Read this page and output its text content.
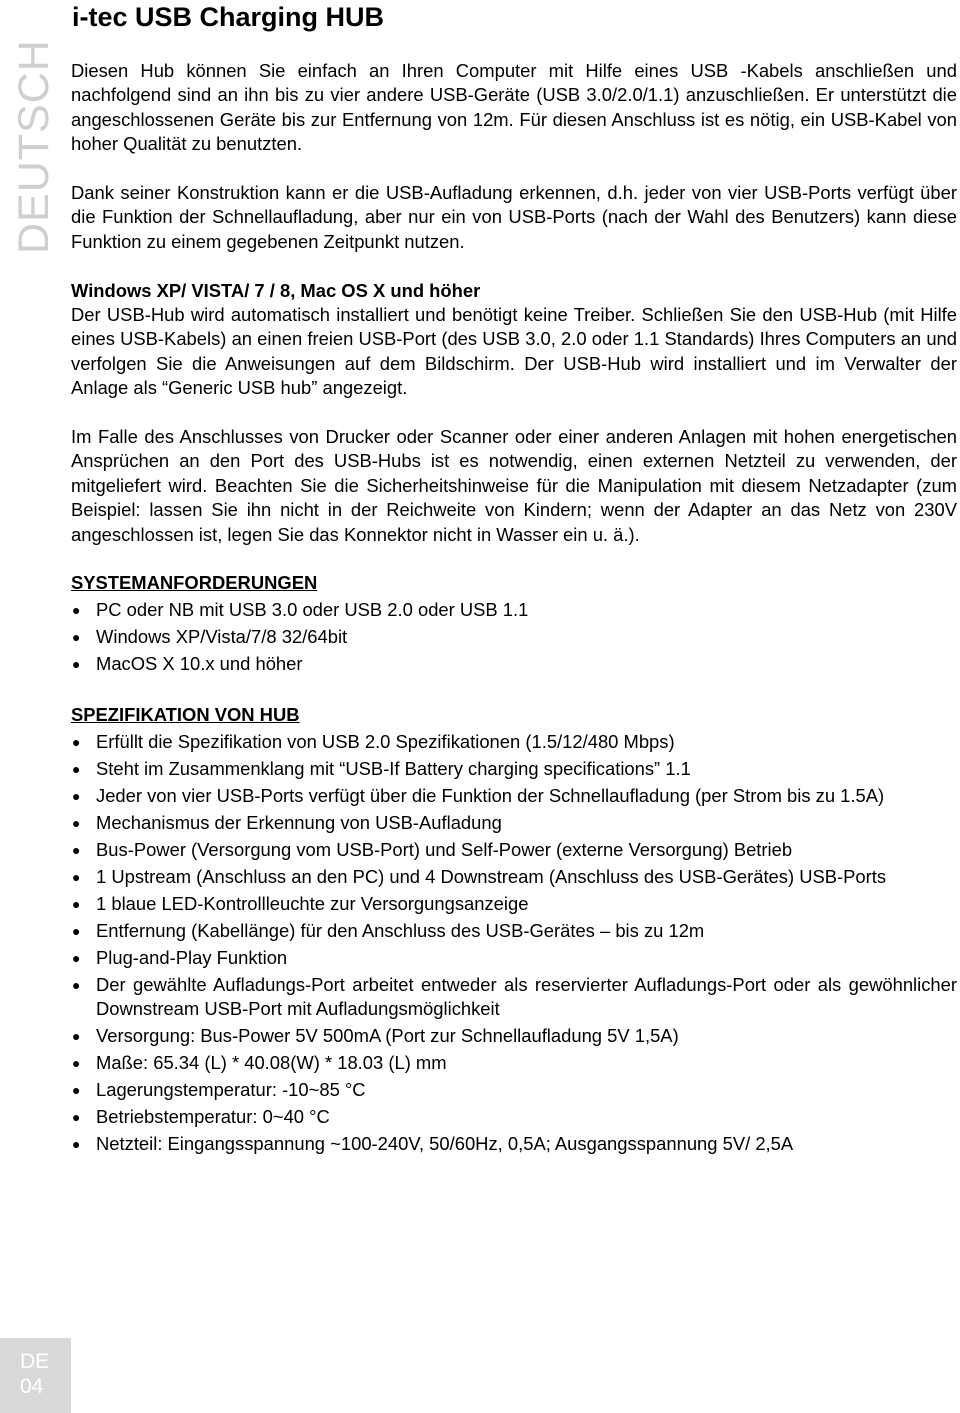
i-tec USB Charging HUB
DEUTSCH Diesen Hub können Sie einfach an Ihren Computer mit Hilfe eines USB -Kabels anschließen und nachfolgend sind an ihn bis zu vier andere USB-Geräte (USB 3.0/2.0/1.1) anzuschließen. Er unterstützt die angeschlossenen Geräte bis zur Entfernung von 12m. Für diesen Anschluss ist es nötig, ein USB-Kabel von hoher Qualität zu benutzten.

Dank seiner Konstruktion kann er die USB-Aufladung erkennen, d.h. jeder von vier USB-Ports verfügt über die Funktion der Schnellaufladung, aber nur ein von USB-Ports (nach der Wahl des Benutzers) kann diese Funktion zu einem gegebenen Zeitpunkt nutzen.

Windows XP/ VISTA/ 7 / 8, Mac OS X und höher

Der USB-Hub wird automatisch installiert und benötigt keine Treiber. Schließen Sie den USB-Hub (mit Hilfe eines USB-Kabels) an einen freien USB-Port (des USB 3.0, 2.0 oder 1.1 Standards) Ihres Computers an und verfolgen Sie die Anweisungen auf dem Bildschirm. Der USB-Hub wird installiert und im Verwalter der Anlage als “Generic USB hub” angezeigt.

Im Falle des Anschlusses von Drucker oder Scanner oder einer anderen Anlagen mit hohen energetischen Ansprüchen an den Port des USB-Hubs ist es notwendig, einen externen Netzteil zu verwenden, der mitgeliefert wird. Beachten Sie die Sicherheitshinweise für die Manipulation mit diesem Netzadapter (zum Beispiel: lassen Sie ihn nicht in der Reichweite von Kindern; wenn der Adapter an das Netz von 230V angeschlossen ist, legen Sie das Konnektor nicht in Wasser ein u. ä.).

SYSTEMANFORDERUNGEN

● PC oder NB mit USB 3.0 oder USB 2.0 oder USB 1.1
● Windows XP/Vista/7/8 32/64bit
● MacOS X 10.x und höher

SPEZIFIKATION VON HUB

● Erfüllt die Spezifikation von USB 2.0 Spezifikationen (1.5/12/480 Mbps)
● Steht im Zusammenklang mit “USB-If Battery charging specifications” 1.1
● Jeder von vier USB-Ports verfügt über die Funktion der Schnellaufladung (per Strom bis zu 1.5A)
● Mechanismus der Erkennung von USB-Aufladung
● Bus-Power (Versorgung vom USB-Port) und Self-Power (externe Versorgung) Betrieb
● 1 Upstream (Anschluss an den PC) und 4 Downstream (Anschluss des USB-Gerätes) USB-Ports
● 1 blaue LED-Kontrollleuchte zur Versorgungsanzeige
● Entfernung (Kabellänge) für den Anschluss des USB-Gerätes – bis zu 12m
● Plug-and-Play Funktion
● Der gewählte Aufladungs-Port arbeitet entweder als reservierter Aufladungs-Port oder als gewöhnlicher Downstream USB-Port mit Aufladungsmöglichkeit
● Versorgung: Bus-Power 5V 500mA (Port zur Schnellaufladung 5V 1,5A)
● Maße: 65.34 (L) * 40.08(W) * 18.03 (L) mm
● Lagerungstemperatur: -10~85 °C
● Betriebstemperatur: 0~40 °C
● Netzteil: Eingangsspannung ~100-240V, 50/60Hz, 0,5A; Ausgangsspannung 5V/ 2,5A
DE
04
